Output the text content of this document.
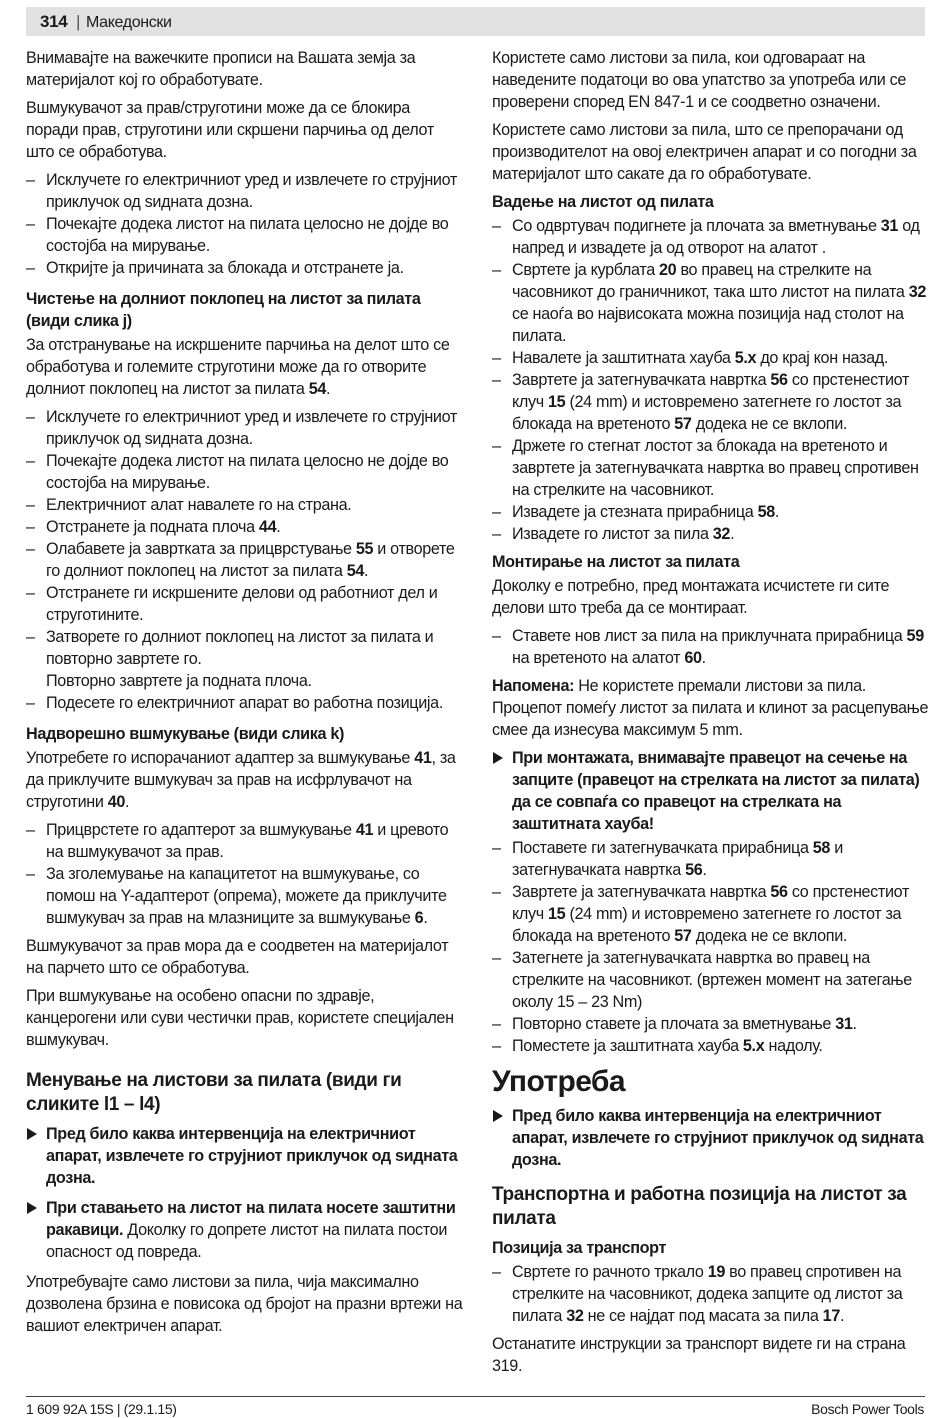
314 | Македонски

Внимавајте на важечките прописи на Вашата земја за материјалот кој го обработувате.

Вшмукувачот за прав/струготини може да се блокира поради прав, струготини или скршени парчиња од делот што се обработува.

– Исклучете го електричниот уред и извлечете го струјниот приклучок од ѕидната дозна.
– Почекајте додека листот на пилата целосно не дојде во состојба на мирување.
– Откријте ја причината за блокада и отстранете ја.
Чистење на долниот поклопец на листот за пилата (види слика j)

За отстранување на искршените парчиња на делот што се обработува и големите струготини може да го отворите долниот поклопец на листот за пилата 54.

– Исклучете го електричниот уред и извлечете го струјниот приклучок од ѕидната дозна.
– Почекајте додека листот на пилата целосно не дојде во состојба на мирување.
– Електричниот алат навалете го на страна.
– Отстранете ја подната плоча 44.
– Олабавете ја завртката за прицврстување 55 и отворете го долниот поклопец на листот за пилата 54.
– Отстранете ги искршените делови од работниот дел и струготините.
– Затворете го долниот поклопец на листот за пилата и повторно завртете го.
Повторно завртете ја подната плоча.
– Подесете го електричниот апарат во работна позиција.
Надворешно вшмукување (види слика k)

Употребете го испорачаниот адаптер за вшмукување 41, за да приклучите вшмукувач за прав на исфрлувачот на струготини 40.

– Прицврстете го адаптерот за вшмукување 41 и цревото на вшмукувачот за прав.
– За зголемување на капацитетот на вшмукување, со помош на Y-адаптерот (опрема), можете да приклучите вшмукувач за прав на млазниците за вшмукување 6.

Вшмукувачот за прав мора да е соодветен на материјалот на парчето што се обработува.

При вшмукување на особено опасни по здравје, канцерогени или суви честички прав, користете специјален вшмукувач.

Менување на листови за пилата (види ги сликите l1 – l4)
Пред било каква интервенција на електричниот апарат, извлечете го струјниот приклучок од ѕидната дозна.
При ставањето на листот на пилата носете заштитни ракавици. Доколку го допрете листот на пилата постои опасност од повреда.

Употребувајте само листови за пила, чија максимално дозволена брзина е повисока од бројот на празни вртежи на вашиот електричен апарат.

Користете само листови за пила, кои одговараат на наведените податоци во ова упатство за употреба или се проверени според EN 847-1 и се соодветно означени.

Користете само листови за пила, што се препорачани од производителот на овој електричен апарат и со погодни за материјалот што сакате да го обработувате.

Вадење на листот од пилата
– Со одвртувач подигнете ја плочата за вметнување 31 од напред и извадете ја од отворот на алатот .
– Свртете ја курблата 20 во правец на стрелките на часовникот до граничникот, така што листот на пилата 32 се наоѓа во највисоката можна позиција над столот на пилата.
– Навалете ја заштитната хауба 5.x до крај кон назад.
– Завртете ја затегнувачката навртка 56 со прстенестиот клуч 15 (24 mm) и истовремено затегнете го лостот за блокада на вретеното 57 додека не се вклопи.
– Држете го стегнат лостот за блокада на вретеното и завртете ја затегнувачката навртка во правец спротивен на стрелките на часовникот.
– Извадете ја стезната прирабница 58.
– Извадете го листот за пила 32.
Монтирање на листот за пилата

Доколку е потребно, пред монтажата исчистете ги сите делови што треба да се монтираат.

– Ставете нов лист за пила на приклучната прирабница 59 на вретеното на алатот 60.

Напомена: Не користете премали листови за пила. Процепот помеѓу листот за пилата и клинот за расцепување смее да изнесува максимум 5 mm.

При монтажата, внимавајте правецот на сечење на запците (правецот на стрелката на листот за пилата) да се совпаѓа со правецот на стрелката на заштитната хауба!
– Поставете ги затегнувачката прирабница 58 и затегнувачката навртка 56.
– Завртете ја затегнувачката навртка 56 со прстенестиот клуч 15 (24 mm) и истовремено затегнете го лостот за блокада на вретеното 57 додека не се вклопи.
– Затегнете ја затегнувачката навртка во правец на стрелките на часовникот. (вртежен момент на затегање околу 15 – 23 Nm)
– Повторно ставете ја плочата за вметнување 31.
– Поместете ја заштитната хауба 5.x надолу.
Употреба
Пред било каква интервенција на електричниот апарат, извлечете го струјниот приклучок од ѕидната дозна.
Транспортна и работна позиција на листот за пилата
Позиција за транспорт
– Свртете го рачното тркало 19 во правец спротивен на стрелките на часовникот, додека запците од листот за пилата 32 не се најдат под масата за пила 17.

Останатите инструкции за транспорт видете ги на страна 319.

1 609 92A 15S | (29.1.15)	Bosch Power Tools
